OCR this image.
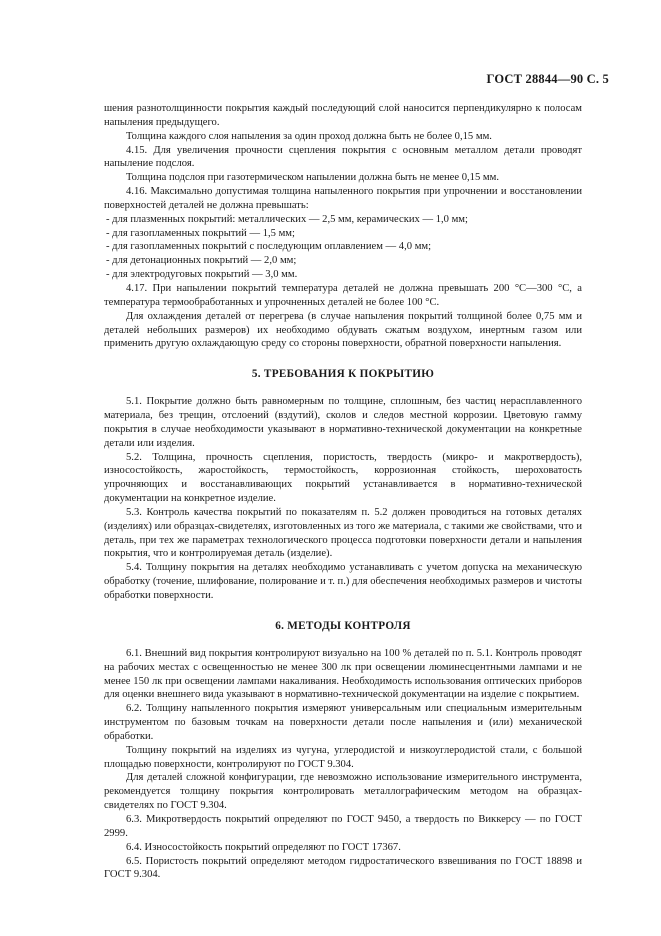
ГОСТ 28844—90 С. 5

шения разнотолщинности покрытия каждый последующий слой наносится перпендикулярно к полосам напыления предыдущего.

Толщина каждого слоя напыления за один проход должна быть не более 0,15 мм.

4.15. Для увеличения прочности сцепления покрытия с основным металлом детали проводят напыление подслоя.

Толщина подслоя при газотермическом напылении должна быть не менее 0,15 мм.

4.16. Максимально допустимая толщина напыленного покрытия при упрочнении и восстановлении поверхностей деталей не должна превышать:

- для плазменных покрытий: металлических — 2,5 мм, керамических — 1,0 мм;

- для газопламенных покрытий — 1,5 мм;

- для газопламенных покрытий с последующим оплавлением — 4,0 мм;

- для детонационных покрытий — 2,0 мм;

- для электродуговых покрытий — 3,0 мм.

4.17. При напылении покрытий температура деталей не должна превышать 200 °С—300 °С, а температура термообработанных и упрочненных деталей не более 100 °С.

Для охлаждения деталей от перегрева (в случае напыления покрытий толщиной более 0,75 мм и деталей небольших размеров) их необходимо обдувать сжатым воздухом, инертным газом или применить другую охлаждающую среду со стороны поверхности, обратной поверхности напыления.

5. ТРЕБОВАНИЯ К ПОКРЫТИЮ

5.1. Покрытие должно быть равномерным по толщине, сплошным, без частиц нерасплавленного материала, без трещин, отслоений (вздутий), сколов и следов местной коррозии. Цветовую гамму покрытия в случае необходимости указывают в нормативно-технической документации на конкретные детали или изделия.

5.2. Толщина, прочность сцепления, пористость, твердость (микро- и макротвердость), износостойкость, жаростойкость, термостойкость, коррозионная стойкость, шероховатость упрочняющих и восстанавливающих покрытий устанавливается в нормативно-технической документации на конкретное изделие.

5.3. Контроль качества покрытий по показателям п. 5.2 должен проводиться на готовых деталях (изделиях) или образцах-свидетелях, изготовленных из того же материала, с такими же свойствами, что и деталь, при тех же параметрах технологического процесса подготовки поверхности детали и напыления покрытия, что и контролируемая деталь (изделие).

5.4. Толщину покрытия на деталях необходимо устанавливать с учетом допуска на механическую обработку (точение, шлифование, полирование и т. п.) для обеспечения необходимых размеров и чистоты обработки поверхности.

6. МЕТОДЫ КОНТРОЛЯ

6.1. Внешний вид покрытия контролируют визуально на 100 % деталей по п. 5.1. Контроль проводят на рабочих местах с освещенностью не менее 300 лк при освещении люминесцентными лампами и не менее 150 лк при освещении лампами накаливания. Необходимость использования оптических приборов для оценки внешнего вида указывают в нормативно-технической документации на изделие с покрытием.

6.2. Толщину напыленного покрытия измеряют универсальным или специальным измерительным инструментом по базовым точкам на поверхности детали после напыления и (или) механической обработки.

Толщину покрытий на изделиях из чугуна, углеродистой и низкоуглеродистой стали, с большой площадью поверхности, контролируют по ГОСТ 9.304.

Для деталей сложной конфигурации, где невозможно использование измерительного инструмента, рекомендуется толщину покрытия контролировать металлографическим методом на образцах-свидетелях по ГОСТ 9.304.

6.3. Микротвердость покрытий определяют по ГОСТ 9450, а твердость по Виккерсу — по ГОСТ 2999.

6.4. Износостойкость покрытий определяют по ГОСТ 17367.

6.5. Пористость покрытий определяют методом гидростатического взвешивания по ГОСТ 18898 и ГОСТ 9.304.
